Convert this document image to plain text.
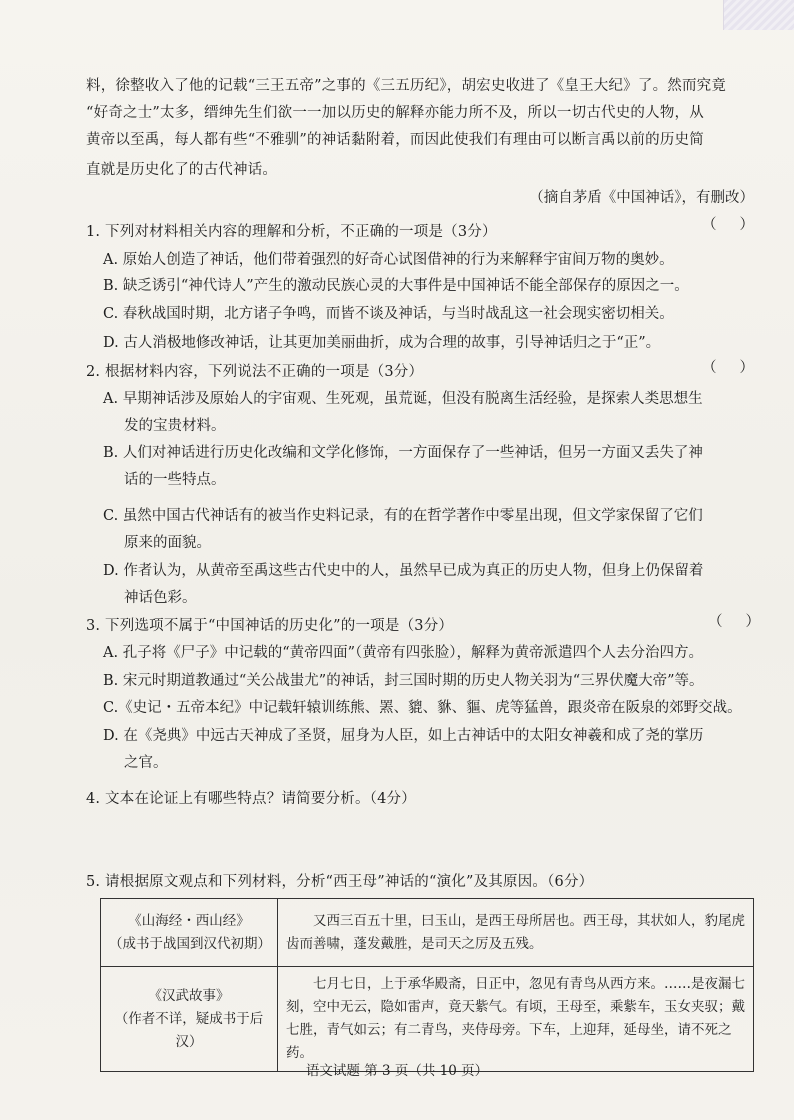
料，徐整收入了他的记载“三王五帝”之事的《三五历纪》，胡宏史收进了《皇王大纪》了。然而究竟
“好奇之士”太多，缙绅先生们欲一一加以历史的解释亦能力所不及，所以一切古代史的人物，从
黄帝以至禹，每人都有些“不雅驯”的神话黏附着，而因此使我们有理由可以断言禹以前的历史简
直就是历史化了的古代神话。
（摘自茅盾《中国神话》，有删改）
1. 下列对材料相关内容的理解和分析，不正确的一项是（3分）	（     ）
A. 原始人创造了神话，他们带着强烈的好奇心试图借神的行为来解释宇宙间万物的奥妙。
B. 缺乏诱引“神代诗人”产生的激动民族心灵的大事件是中国神话不能全部保存的原因之一。
C. 春秋战国时期，北方诸子争鸣，而皆不谈及神话，与当时战乱这一社会现实密切相关。
D. 古人消极地修改神话，让其更加美丽曲折，成为合理的故事，引导神话归之于“正”。
2. 根据材料内容，下列说法不正确的一项是（3分）	（     ）
A. 早期神话涉及原始人的宇宙观、生死观，虽荒诞，但没有脱离生活经验，是探索人类思想生
发的宝贵材料。
B. 人们对神话进行历史化改编和文学化修饰，一方面保存了一些神话，但另一方面又丢失了神
话的一些特点。
C. 虽然中国古代神话有的被当作史料记录，有的在哲学著作中零星出现，但文学家保留了它们
原来的面貌。
D. 作者认为，从黄帝至禹这些古代史中的人，虽然早已成为真正的历史人物，但身上仍保留着
神话色彩。
3. 下列选项不属于“中国神话的历史化”的一项是（3分）	（     ）
A. 孔子将《尸子》中记载的“黄帝四面”（黄帝有四张脸），解释为黄帝派遣四个人去分治四方。
B. 宋元时期道教通过“关公战蚩尤”的神话，封三国时期的历史人物关羽为“三界伏魔大帝”等。
C.《史记・五帝本纪》中记载轩辕训练熊、罴、貔、貅、貙、虎等猛兽，跟炎帝在阪泉的郊野交战。
D. 在《尧典》中远古天神成了圣贤，屈身为人臣，如上古神话中的太阳女神羲和成了尧的掌历
之官。
4. 文本在论证上有哪些特点？请简要分析。（4分）
5. 请根据原文观点和下列材料，分析“西王母”神话的“演化”及其原因。（6分）
《山海经・西山经》
（成书于战国到汉代初期）	又西三百五十里，曰玉山，是西王母所居也。西王母，其状如人，豹尾虎齿而善啸，蓬发戴胜，是司天之厉及五残。

《汉武故事》
（作者不详，疑成书于后汉）	七月七日，上于承华殿斋，日正中，忽见有青鸟从西方来。……是夜漏七刻，空中无云，隐如雷声，竟天紫气。有顷，王母至，乘紫车，玉女夹驭；戴七胜，青气如云；有二青鸟，夹侍母旁。下车，上迎拜，延母坐，请不死之药。
语文试题 第 3 页（共 10 页）
